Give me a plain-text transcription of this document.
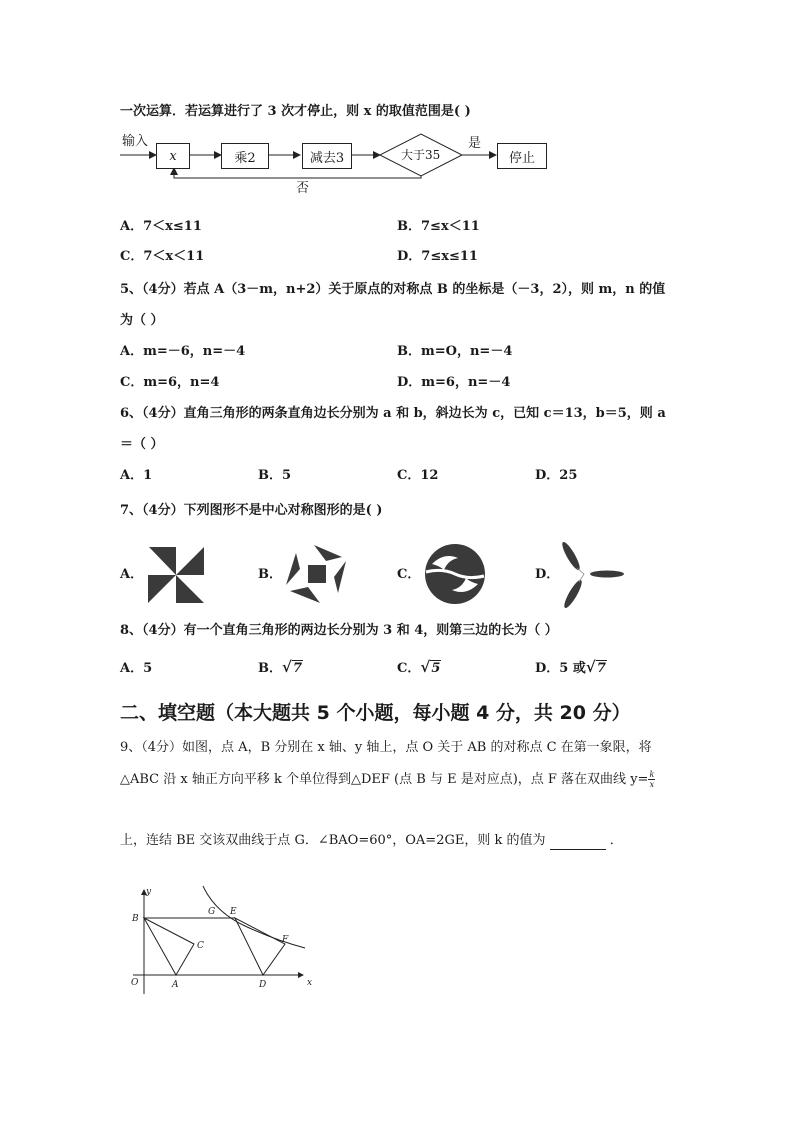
一次运算．若运算进行了 3 次才停止，则 x 的取值范围是( )
输入
x	乘2	减去3	大于35
是
停止
否
A．7＜x≤11	B．7≤x＜11
C．7＜x＜11	D．7≤x≤11
5、（4分）若点 A（3－m，n+2）关于原点的对称点 B 的坐标是（－3，2），则 m，n 的值
为（ ）
A．m=－6，n=－4	B．m=O，n=－4
C．m=6，n=4	D．m=6，n=－4
6、（4分）直角三角形的两条直角边长分别为 a 和 b，斜边长为 c，已知 c＝13，b＝5，则 a
＝（ ）
A．1	B．5	C．12	D．25
7、（4分）下列图形不是中心对称图形的是( )
A．	B．	C．	D．
8、（4分）有一个直角三角形的两边长分别为 3 和 4，则第三边的长为（ ）
A．5	B． √ 7	C． √ 5	D．5 或 √ 7
二、填空题（本大题共 5 个小题，每小题 4 分，共 20 分）
9、（4分）如图，点 A，B 分别在 x 轴、y 轴上，点 O 关于 AB 的对称点 C 在第一象限，将
△ABC 沿 x 轴正方向平移 k 个单位得到△DEF (点 B 与 E 是对应点)，点 F 落在双曲线 $y= \frac{k}{x}$
上，连结 BE 交该双曲线于点 G．∠BAO=60°，OA=2GE，则 k 的值为	．
y
x
O	A
B
C
D
E
F
G
